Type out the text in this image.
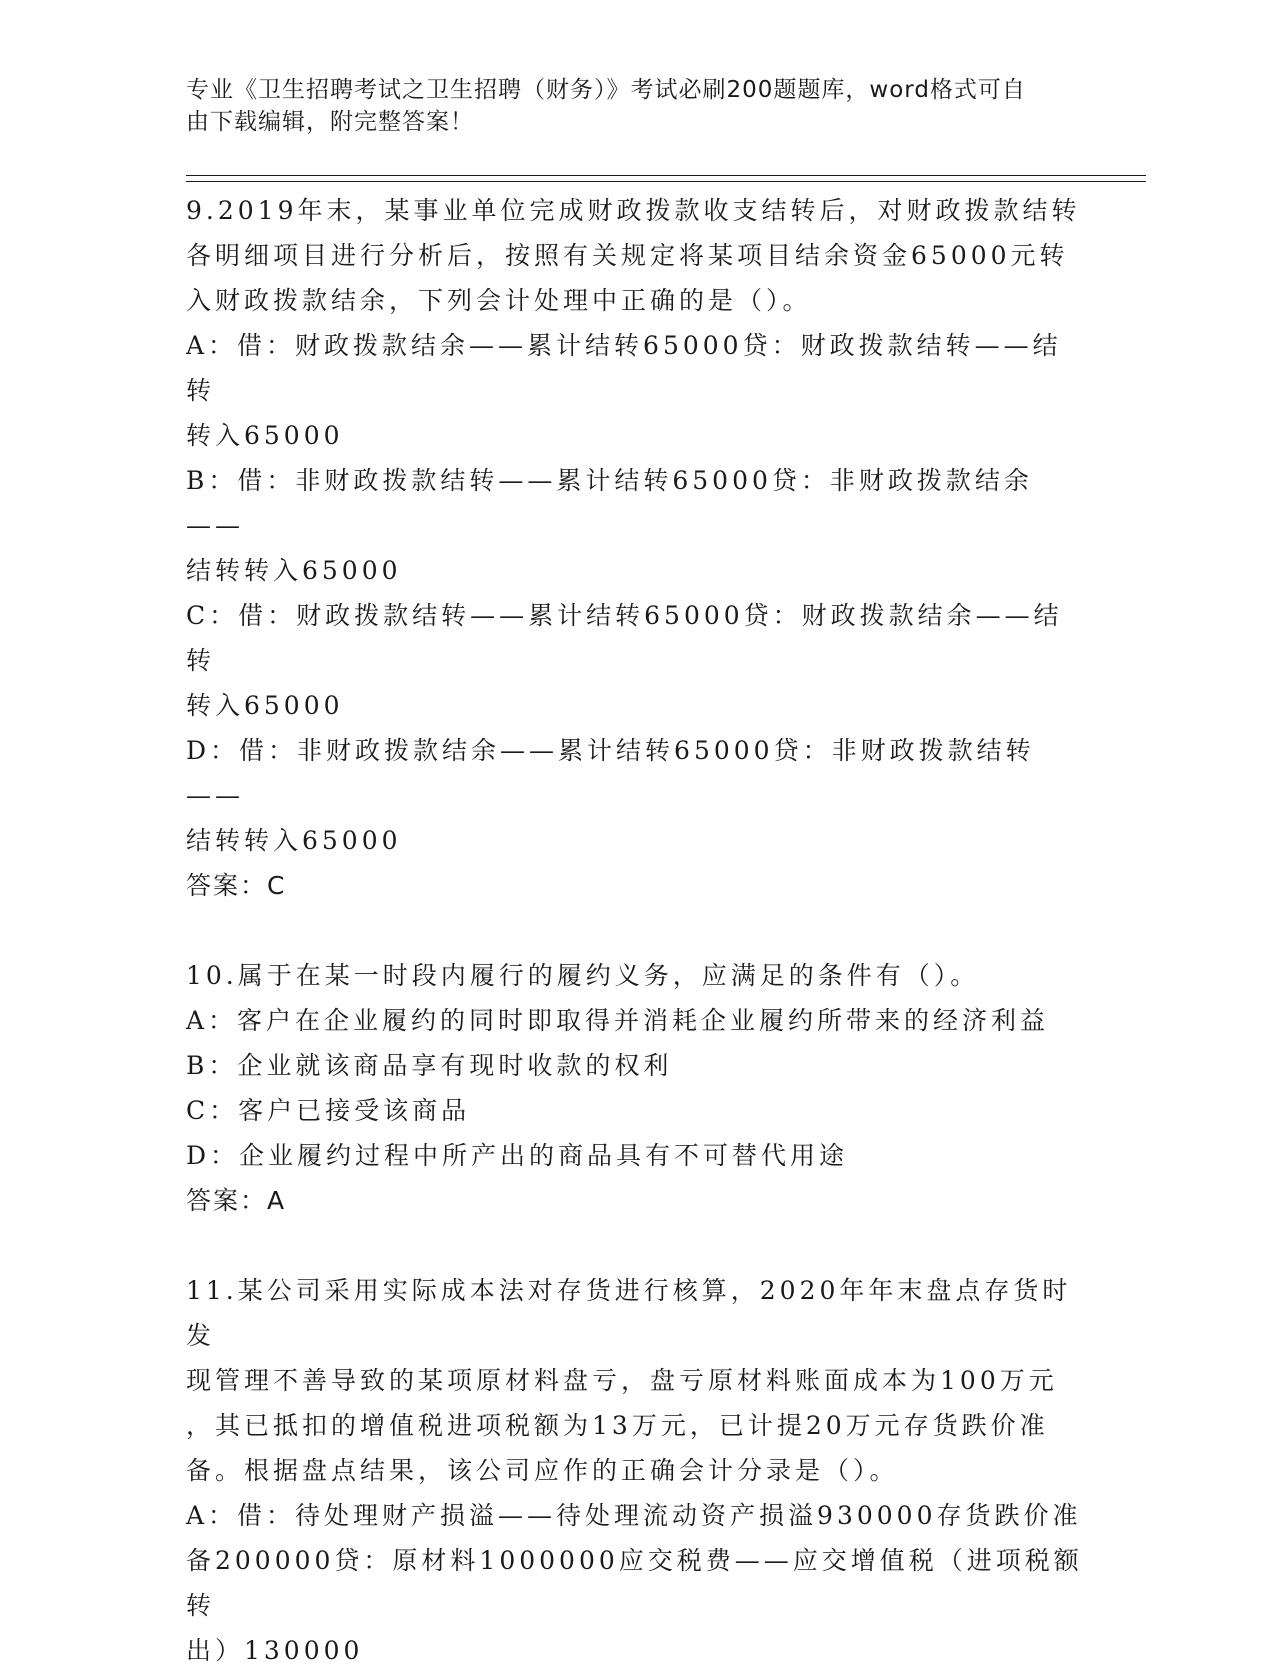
专业《卫生招聘考试之卫生招聘（财务）》考试必刷200题题库，word格式可自
由下载编辑，附完整答案！
9.2019年末，某事业单位完成财政拨款收支结转后，对财政拨款结转
各明细项目进行分析后，按照有关规定将某项目结余资金65000元转
入财政拨款结余，下列会计处理中正确的是（）。
A：借：财政拨款结余——累计结转65000贷：财政拨款结转——结转
转入65000
B：借：非财政拨款结转——累计结转65000贷：非财政拨款结余——
结转转入65000
C：借：财政拨款结转——累计结转65000贷：财政拨款结余——结转
转入65000
D：借：非财政拨款结余——累计结转65000贷：非财政拨款结转——
结转转入65000
答案：C
10.属于在某一时段内履行的履约义务，应满足的条件有（）。
A：客户在企业履约的同时即取得并消耗企业履约所带来的经济利益
B：企业就该商品享有现时收款的权利
C：客户已接受该商品
D：企业履约过程中所产出的商品具有不可替代用途
答案：A
11.某公司采用实际成本法对存货进行核算，2020年年末盘点存货时发
现管理不善导致的某项原材料盘亏，盘亏原材料账面成本为100万元
，其已抵扣的增值税进项税额为13万元，已计提20万元存货跌价准
备。根据盘点结果，该公司应作的正确会计分录是（）。
A：借：待处理财产损溢——待处理流动资产损溢930000存货跌价准
备200000贷：原材料1000000应交税费——应交增值税（进项税额转
出）130000
